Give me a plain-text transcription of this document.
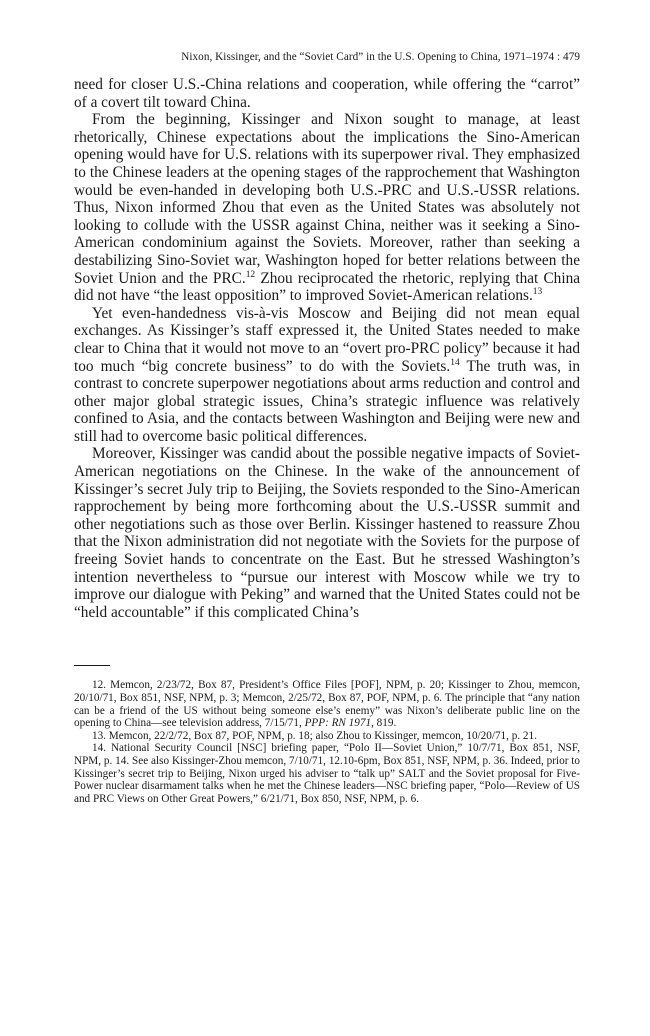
Nixon, Kissinger, and the “Soviet Card” in the U.S. Opening to China, 1971–1974 : 479

need for closer U.S.-China relations and cooperation, while offering the “carrot” of a covert tilt toward China.

From the beginning, Kissinger and Nixon sought to manage, at least rhetorically, Chinese expectations about the implications the Sino-American opening would have for U.S. relations with its superpower rival. They emphasized to the Chinese leaders at the opening stages of the rapprochement that Washington would be even-handed in developing both U.S.-PRC and U.S.-USSR relations. Thus, Nixon informed Zhou that even as the United States was absolutely not looking to collude with the USSR against China, neither was it seeking a Sino-American condominium against the Soviets. Moreover, rather than seeking a destabilizing Sino-Soviet war, Washington hoped for better relations between the Soviet Union and the PRC.$^{12}$ Zhou reciprocated the rhetoric, replying that China did not have “the least opposition” to improved Soviet-American relations.$^{13}$

Yet even-handedness vis-à-vis Moscow and Beijing did not mean equal exchanges. As Kissinger’s staff expressed it, the United States needed to make clear to China that it would not move to an “overt pro-PRC policy” because it had too much “big concrete business” to do with the Soviets.$^{14}$ The truth was, in contrast to concrete superpower negotiations about arms reduction and control and other major global strategic issues, China’s strategic influence was relatively confined to Asia, and the contacts between Washington and Beijing were new and still had to overcome basic political differences.

Moreover, Kissinger was candid about the possible negative impacts of Soviet-American negotiations on the Chinese. In the wake of the announcement of Kissinger’s secret July trip to Beijing, the Soviets responded to the Sino-American rapprochement by being more forthcoming about the U.S.-USSR summit and other negotiations such as those over Berlin. Kissinger hastened to reassure Zhou that the Nixon administration did not negotiate with the Soviets for the purpose of freeing Soviet hands to concentrate on the East. But he stressed Washington’s intention nevertheless to “pursue our interest with Moscow while we try to improve our dialogue with Peking” and warned that the United States could not be “held accountable” if this complicated China’s

12. Memcon, 2/23/72, Box 87, President’s Office Files [POF], NPM, p. 20; Kissinger to Zhou, memcon, 20/10/71, Box 851, NSF, NPM, p. 3; Memcon, 2/25/72, Box 87, POF, NPM, p. 6. The principle that “any nation can be a friend of the US without being someone else’s enemy” was Nixon’s deliberate public line on the opening to China—see television address, 7/15/71, PPP: RN 1971, 819.

13. Memcon, 22/2/72, Box 87, POF, NPM, p. 18; also Zhou to Kissinger, memcon, 10/20/71, p. 21.

14. National Security Council [NSC] briefing paper, “Polo II—Soviet Union,” 10/7/71, Box 851, NSF, NPM, p. 14. See also Kissinger-Zhou memcon, 7/10/71, 12.10-6pm, Box 851, NSF, NPM, p. 36. Indeed, prior to Kissinger’s secret trip to Beijing, Nixon urged his adviser to “talk up” SALT and the Soviet proposal for Five-Power nuclear disarmament talks when he met the Chinese leaders—NSC briefing paper, “Polo—Review of US and PRC Views on Other Great Powers,” 6/21/71, Box 850, NSF, NPM, p. 6.
